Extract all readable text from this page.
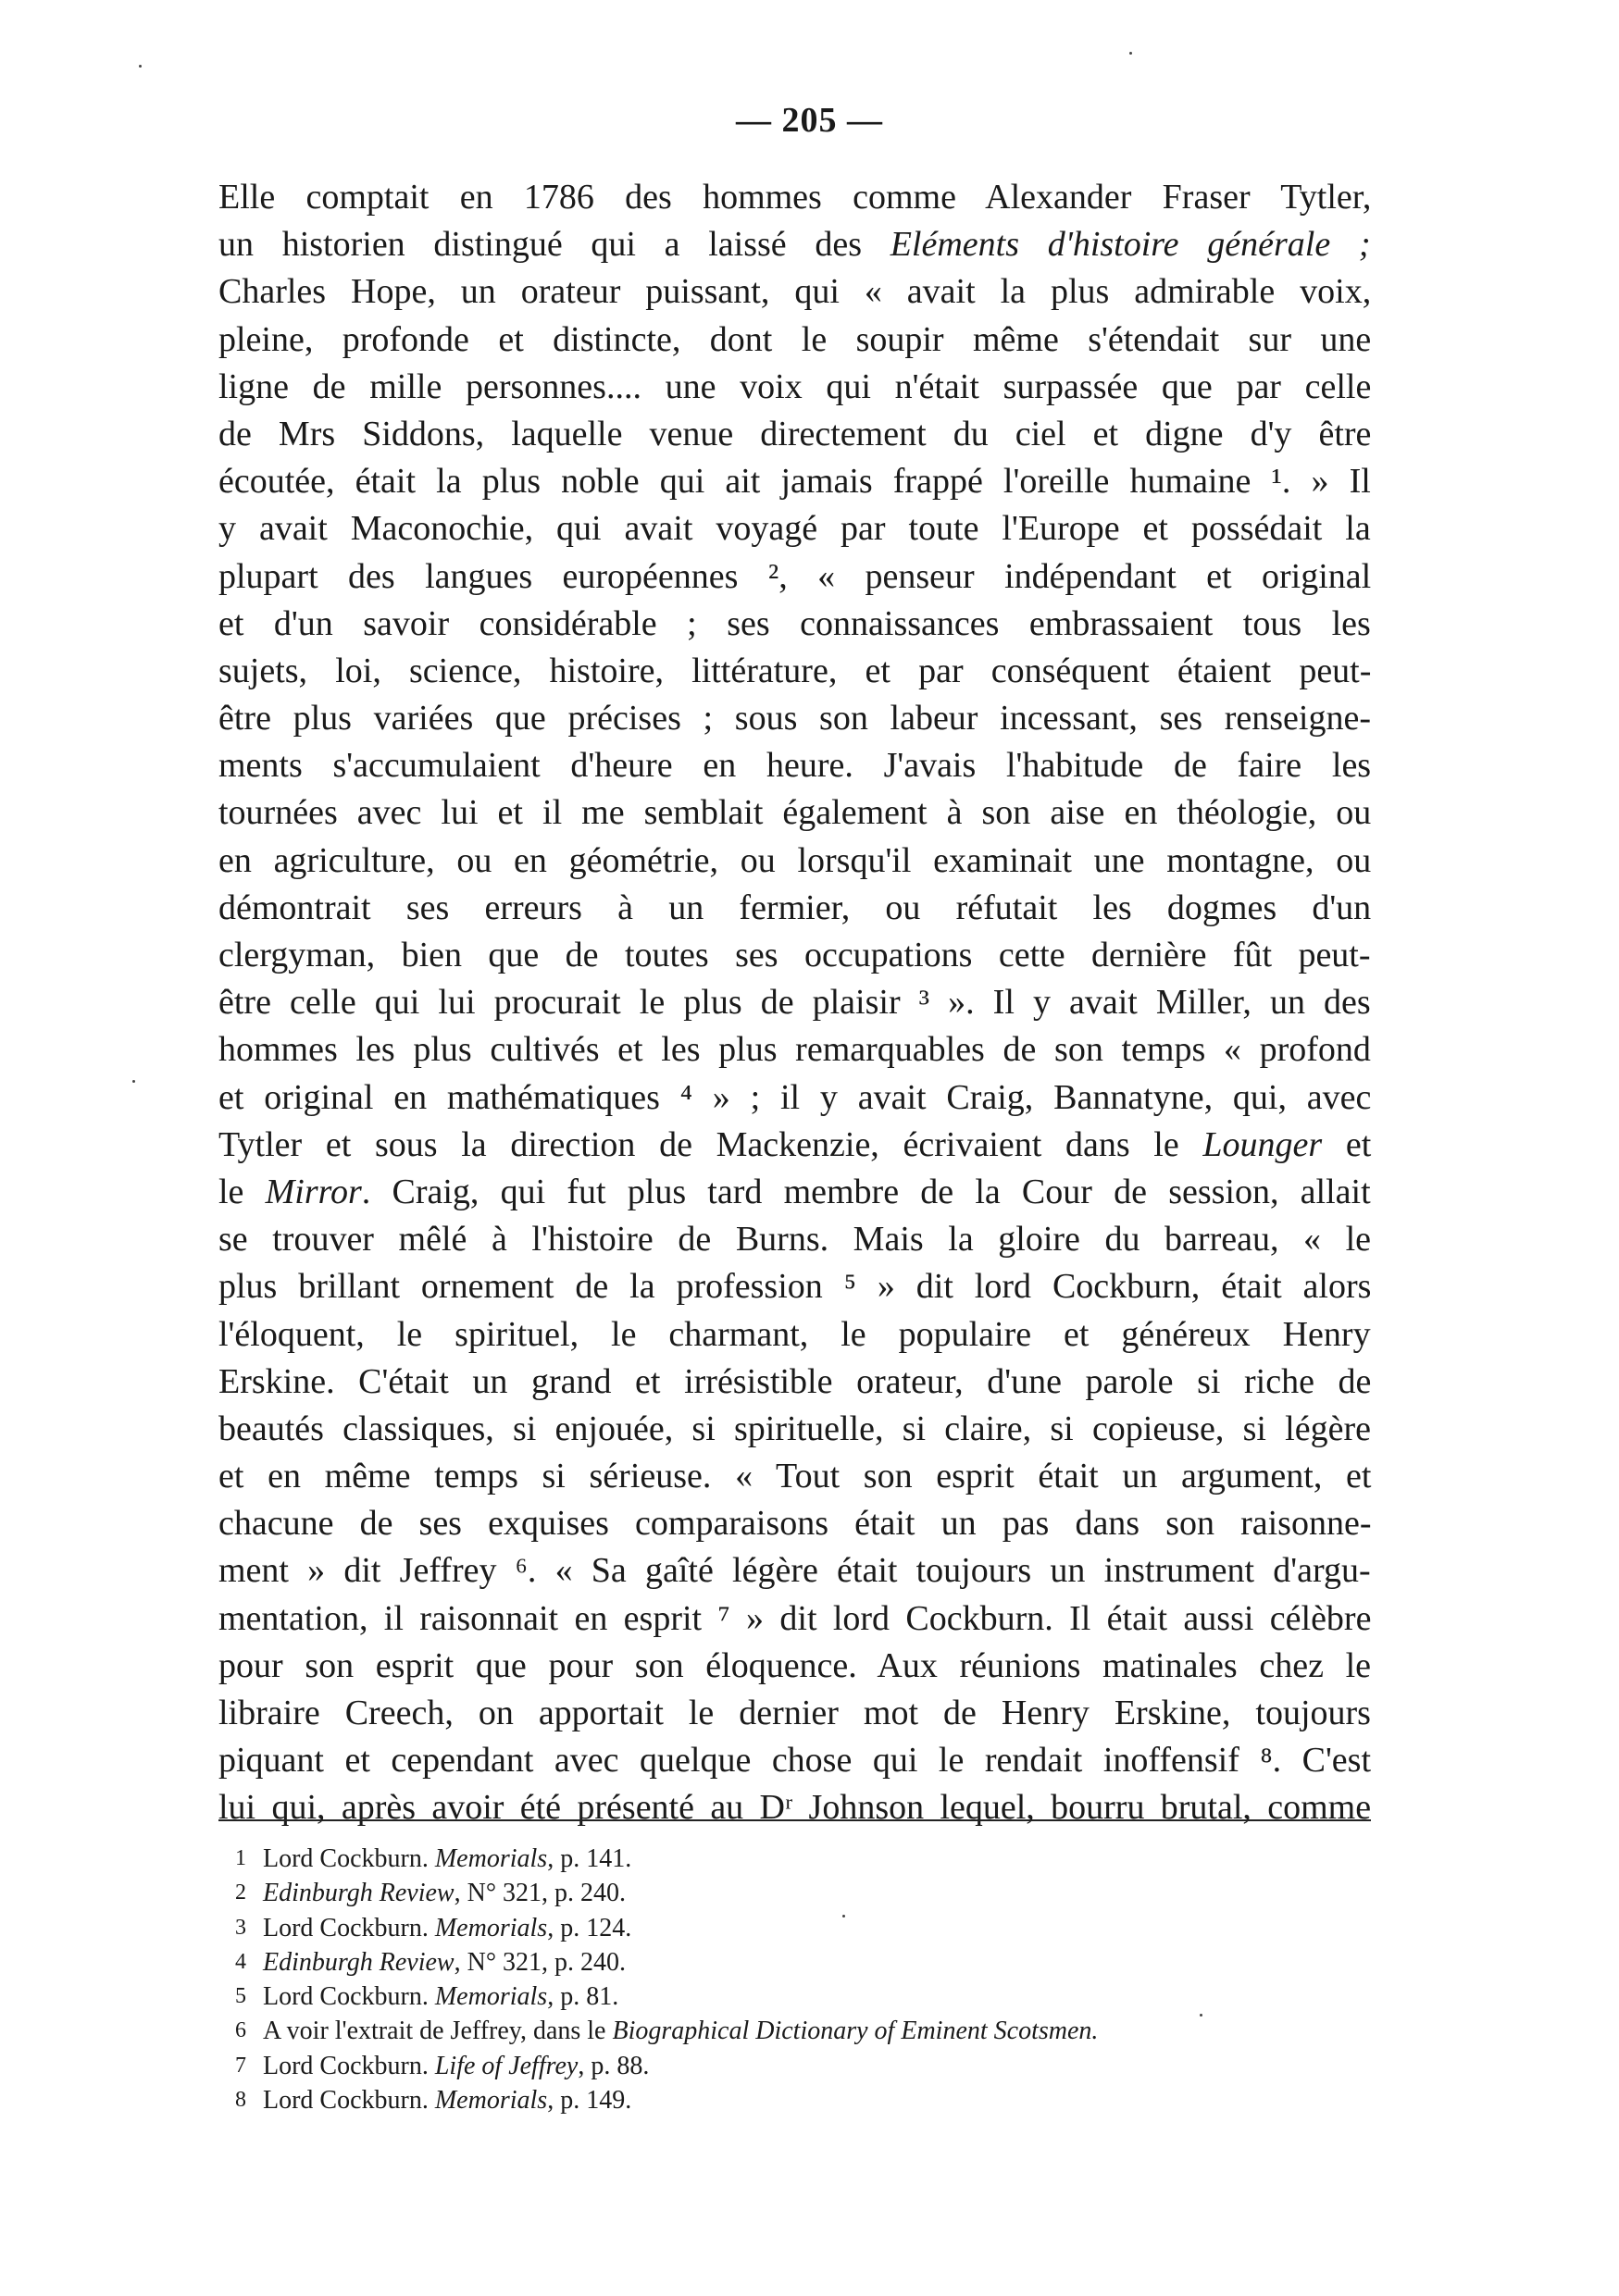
— 205 —
Elle comptait en 1786 des hommes comme Alexander Fraser Tytler,
un historien distingué qui a laissé des Eléments d'histoire générale ;
Charles Hope, un orateur puissant, qui « avait la plus admirable voix,
pleine, profonde et distincte, dont le soupir même s'étendait sur une
ligne de mille personnes.... une voix qui n'était surpassée que par celle
de Mrs Siddons, laquelle venue directement du ciel et digne d'y être
écoutée, était la plus noble qui ait jamais frappé l'oreille humaine ¹. » Il
y avait Maconochie, qui avait voyagé par toute l'Europe et possédait la
plupart des langues européennes ², « penseur indépendant et original
et d'un savoir considérable ; ses connaissances embrassaient tous les
sujets, loi, science, histoire, littérature, et par conséquent étaient peut-
être plus variées que précises ; sous son labeur incessant, ses renseigne-
ments s'accumulaient d'heure en heure. J'avais l'habitude de faire les
tournées avec lui et il me semblait également à son aise en théologie, ou
en agriculture, ou en géométrie, ou lorsqu'il examinait une montagne, ou
démontrait ses erreurs à un fermier, ou réfutait les dogmes d'un
clergyman, bien que de toutes ses occupations cette dernière fût peut-
être celle qui lui procurait le plus de plaisir ³ ». Il y avait Miller, un des
hommes les plus cultivés et les plus remarquables de son temps « profond
et original en mathématiques ⁴ » ; il y avait Craig, Bannatyne, qui, avec
Tytler et sous la direction de Mackenzie, écrivaient dans le Lounger et
le Mirror. Craig, qui fut plus tard membre de la Cour de session, allait
se trouver mêlé à l'histoire de Burns. Mais la gloire du barreau, « le
plus brillant ornement de la profession ⁵ » dit lord Cockburn, était alors
l'éloquent, le spirituel, le charmant, le populaire et généreux Henry
Erskine. C'était un grand et irrésistible orateur, d'une parole si riche de
beautés classiques, si enjouée, si spirituelle, si claire, si copieuse, si légère
et en même temps si sérieuse. « Tout son esprit était un argument, et
chacune de ses exquises comparaisons était un pas dans son raisonne-
ment » dit Jeffrey ⁶. « Sa gaîté légère était toujours un instrument d'argu-
mentation, il raisonnait en esprit ⁷ » dit lord Cockburn. Il était aussi célèbre
pour son esprit que pour son éloquence. Aux réunions matinales chez le
libraire Creech, on apportait le dernier mot de Henry Erskine, toujours
piquant et cependant avec quelque chose qui le rendait inoffensif ⁸. C'est
lui qui, après avoir été présenté au Dʳ Johnson lequel, bourru brutal, comme
1 Lord Cockburn. Memorials, p. 141.
2 Edinburgh Review, N° 321, p. 240.
3 Lord Cockburn. Memorials, p. 124.
4 Edinburgh Review, N° 321, p. 240.
5 Lord Cockburn. Memorials, p. 81.
6 A voir l'extrait de Jeffrey, dans le Biographical Dictionary of Eminent Scotsmen.
7 Lord Cockburn. Life of Jeffrey, p. 88.
8 Lord Cockburn. Memorials, p. 149.
